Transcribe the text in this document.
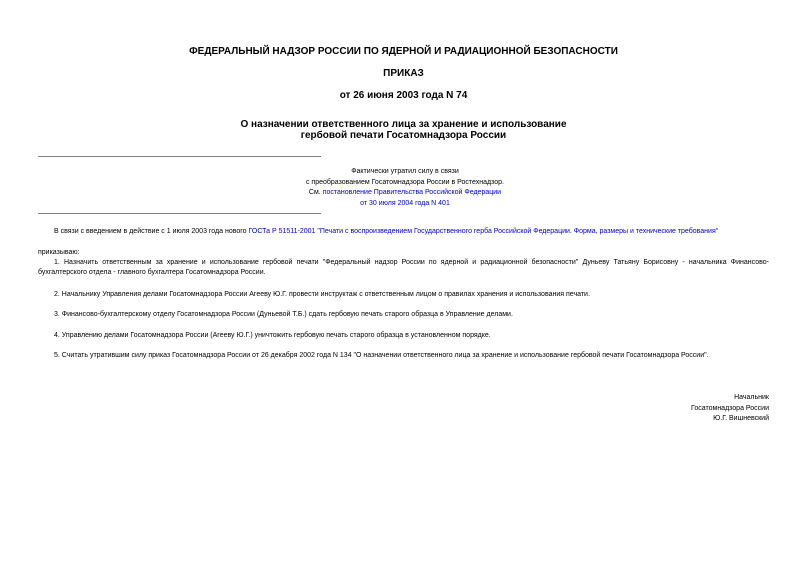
ФЕДЕРАЛЬНЫЙ НАДЗОР РОССИИ ПО ЯДЕРНОЙ И РАДИАЦИОННОЙ БЕЗОПАСНОСТИ
ПРИКАЗ
от 26 июня 2003 года N 74
О назначении ответственного лица за хранение и использование
гербовой печати Госатомнадзора России
Фактически утратил силу в связи
с преобразованием Госатомнадзора России в Ростехнадзор.
См. постановление Правительства Российской Федерации
от 30 июля 2004 года N 401
В связи с введением в действие с 1 июля 2003 года нового ГОСТа Р 51511-2001 "Печати с воспроизведением Государственного герба Российской Федерации. Форма, размеры и технические требования"
приказываю:
1. Назначить ответственным за хранение и использование гербовой печати "Федеральный надзор России по ядерной и радиационной безопасности" Дуньеву Татьяну Борисовну - начальника Финансово-бухгалтерского отдела - главного бухгалтера Госатомнадзора России.
2. Начальнику Управления делами Госатомнадзора России Агееву Ю.Г. провести инструктаж с ответственным лицом о правилах хранения и использования печати.
3. Финансово-бухгалтерскому отделу Госатомнадзора России (Дуньевой Т.Б.) сдать гербовую печать старого образца в Управление делами.
4. Управлению делами Госатомнадзора России (Агееву Ю.Г.) уничтожить гербовую печать старого образца в установленном порядке.
5. Считать утратившим силу приказ Госатомнадзора России от 26 декабря 2002 года N 134 "О назначении ответственного лица за хранение и использование гербовой печати Госатомнадзора России".
Начальник
Госатомнадзора России
Ю.Г. Вишневский
